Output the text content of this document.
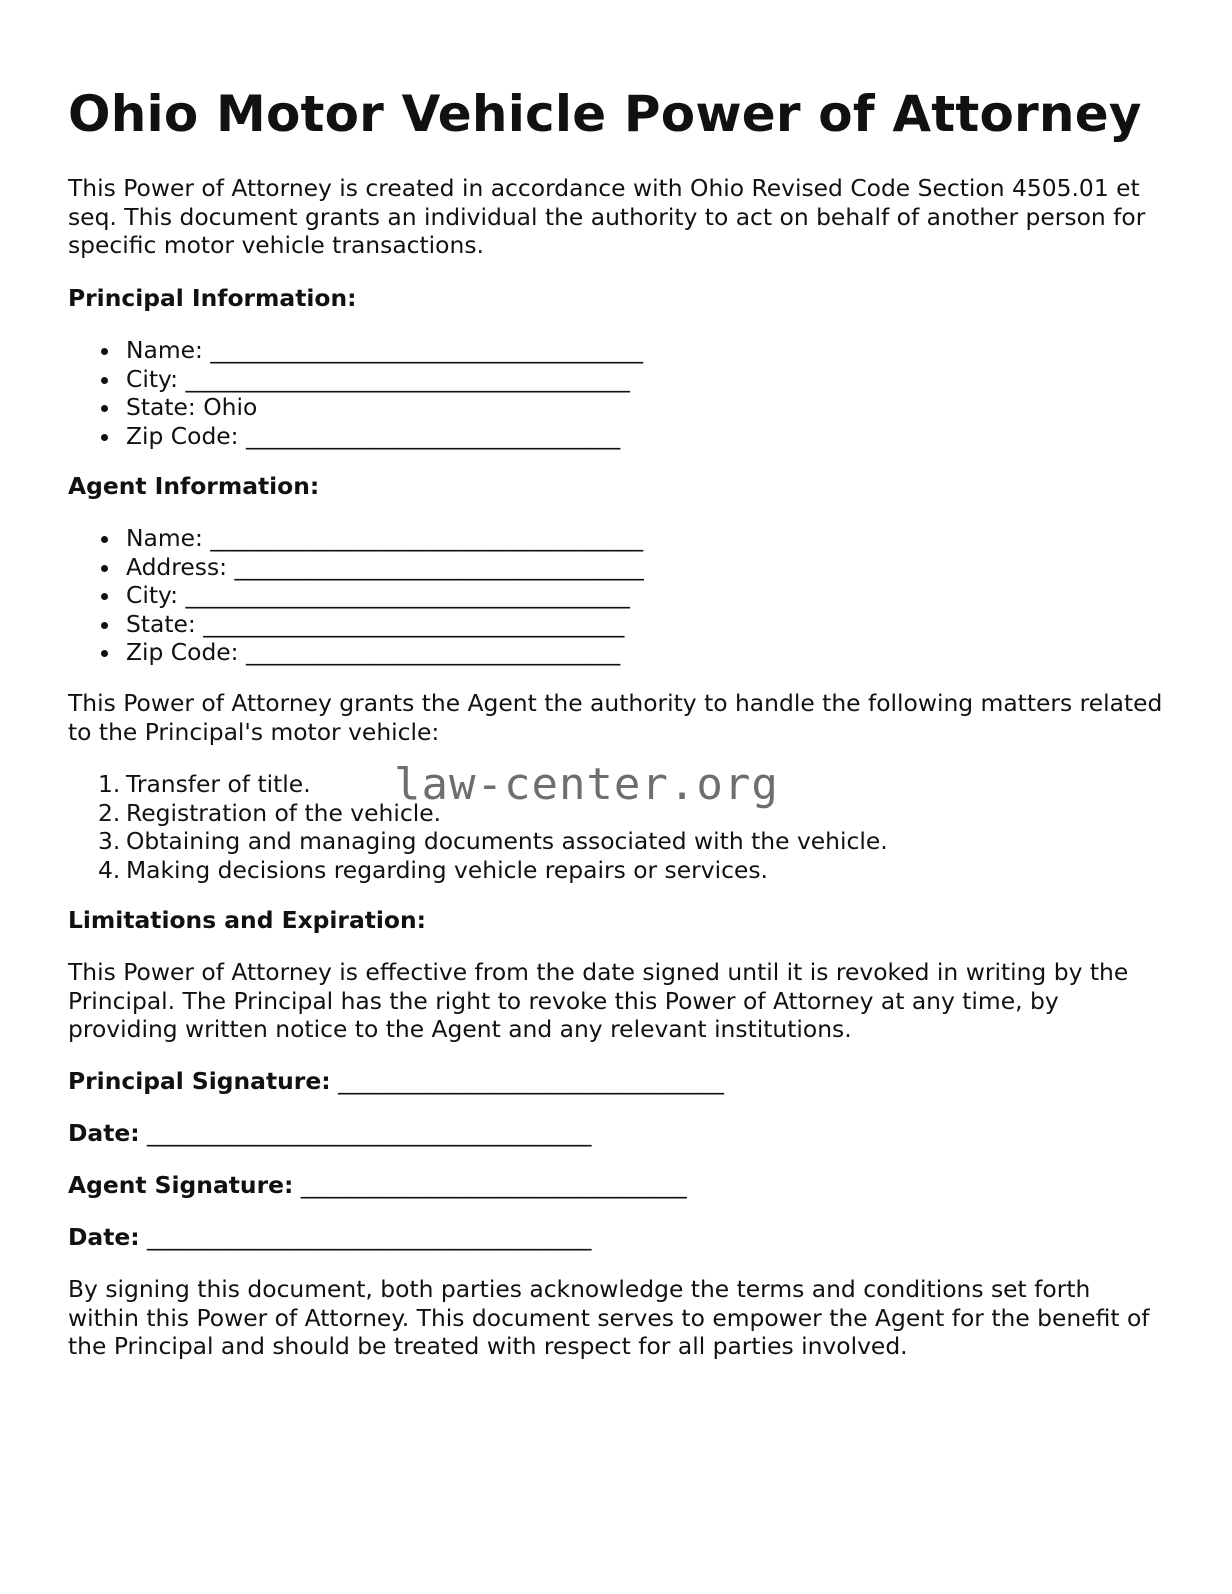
Ohio Motor Vehicle Power of Attorney

This Power of Attorney is created in accordance with Ohio Revised Code Section 4505.01 et seq. This document grants an individual the authority to act on behalf of another person for specific motor vehicle transactions.

Principal Information:

Name: _____________________________________
City: ______________________________________
State: Ohio
Zip Code: ________________________________

Agent Information:

Name: _____________________________________
Address: ___________________________________
City: ______________________________________
State: ____________________________________
Zip Code: ________________________________

This Power of Attorney grants the Agent the authority to handle the following matters related to the Principal's motor vehicle:

1. Transfer of title.
2. Registration of the vehicle.
3. Obtaining and managing documents associated with the vehicle.
4. Making decisions regarding vehicle repairs or services.

Limitations and Expiration:

This Power of Attorney is effective from the date signed until it is revoked in writing by the Principal. The Principal has the right to revoke this Power of Attorney at any time, by providing written notice to the Agent and any relevant institutions.

Principal Signature: _________________________________

Date: ______________________________________

Agent Signature: _________________________________

Date: ______________________________________

By signing this document, both parties acknowledge the terms and conditions set forth within this Power of Attorney. This document serves to empower the Agent for the benefit of the Principal and should be treated with respect for all parties involved.

law-center.org
